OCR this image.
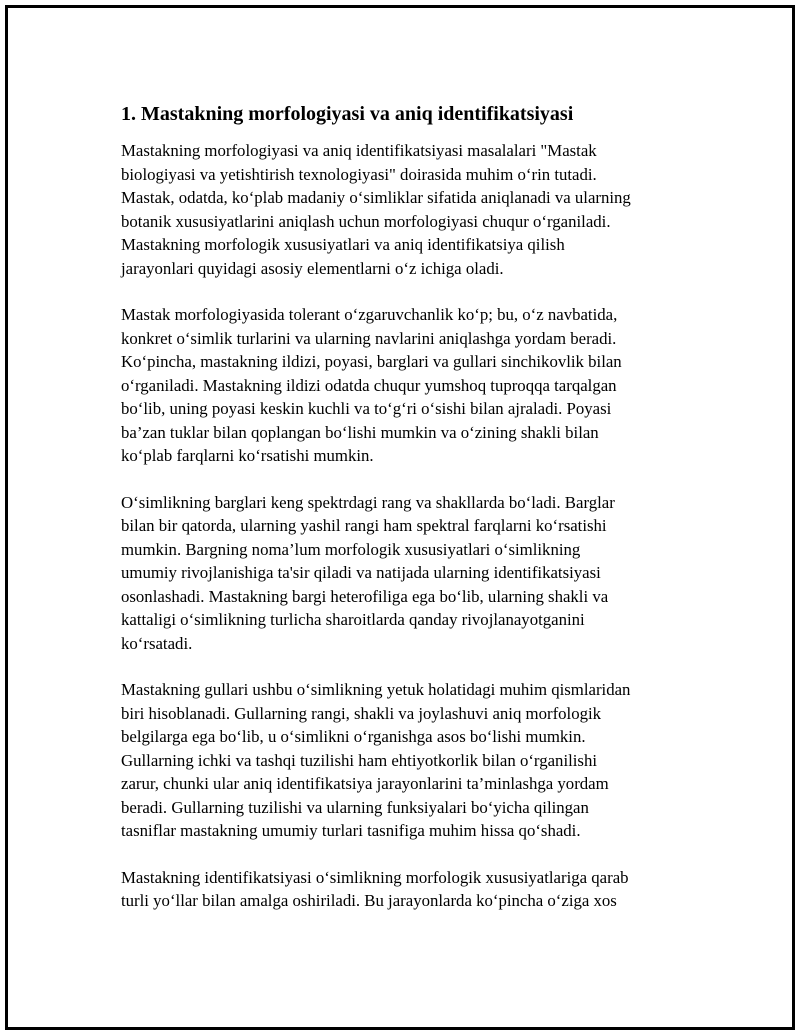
1. Mastakning morfologiyasi va aniq identifikatsiyasi

Mastakning morfologiyasi va aniq identifikatsiyasi masalalari "Mastak
biologiyasi va yetishtirish texnologiyasi" doirasida muhim o‘rin tutadi.
Mastak, odatda, ko‘plab madaniy o‘simliklar sifatida aniqlanadi va ularning
botanik xususiyatlarini aniqlash uchun morfologiyasi chuqur o‘rganiladi.
Mastakning morfologik xususiyatlari va aniq identifikatsiya qilish
jarayonlari quyidagi asosiy elementlarni o‘z ichiga oladi.

Mastak morfologiyasida tolerant o‘zgaruvchanlik ko‘p; bu, o‘z navbatida,
konkret o‘simlik turlarini va ularning navlarini aniqlashga yordam beradi.
Ko‘pincha, mastakning ildizi, poyasi, barglari va gullari sinchikovlik bilan
o‘rganiladi. Mastakning ildizi odatda chuqur yumshoq tuproqqa tarqalgan
bo‘lib, uning poyasi keskin kuchli va to‘g‘ri o‘sishi bilan ajraladi. Poyasi
ba’zan tuklar bilan qoplangan bo‘lishi mumkin va o‘zining shakli bilan
ko‘plab farqlarni ko‘rsatishi mumkin.

O‘simlikning barglari keng spektrdagi rang va shakllarda bo‘ladi. Barglar
bilan bir qatorda, ularning yashil rangi ham spektral farqlarni ko‘rsatishi
mumkin. Bargning noma’lum morfologik xususiyatlari o‘simlikning
umumiy rivojlanishiga ta'sir qiladi va natijada ularning identifikatsiyasi
osonlashadi. Mastakning bargi heterofiliga ega bo‘lib, ularning shakli va
kattaligi o‘simlikning turlicha sharoitlarda qanday rivojlanayotganini
ko‘rsatadi.

Mastakning gullari ushbu o‘simlikning yetuk holatidagi muhim qismlaridan
biri hisoblanadi. Gullarning rangi, shakli va joylashuvi aniq morfologik
belgilarga ega bo‘lib, u o‘simlikni o‘rganishga asos bo‘lishi mumkin.
Gullarning ichki va tashqi tuzilishi ham ehtiyotkorlik bilan o‘rganilishi
zarur, chunki ular aniq identifikatsiya jarayonlarini ta’minlashga yordam
beradi. Gullarning tuzilishi va ularning funksiyalari bo‘yicha qilingan
tasniflar mastakning umumiy turlari tasnifiga muhim hissa qo‘shadi.

Mastakning identifikatsiyasi o‘simlikning morfologik xususiyatlariga qarab
turli yo‘llar bilan amalga oshiriladi. Bu jarayonlarda ko‘pincha o‘ziga xos
